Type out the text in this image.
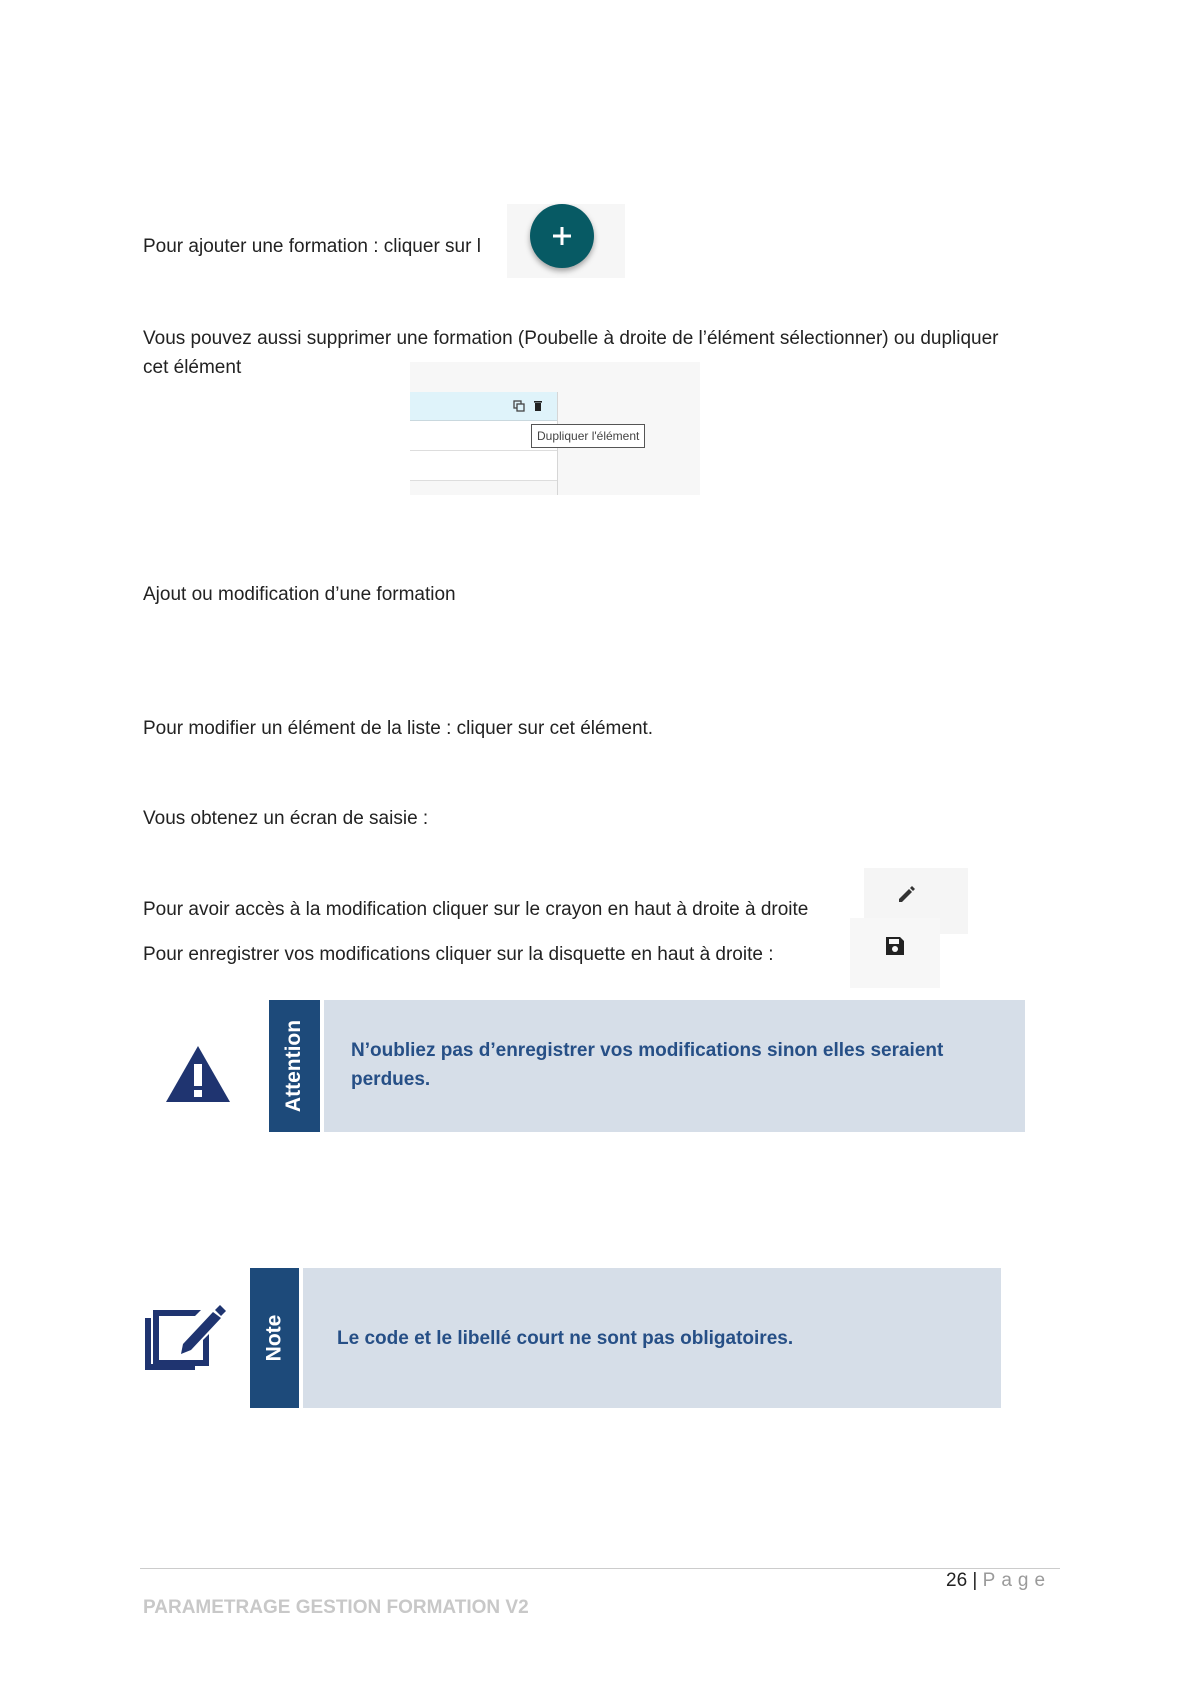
Pour ajouter une formation : cliquer sur l

Vous pouvez aussi supprimer une formation (Poubelle à droite de l’élément sélectionner) ou dupliquer cet élément

Dupliquer l'élément

Ajout ou modification d’une formation

Pour modifier un élément de la liste : cliquer sur cet élément.

Vous obtenez un écran de saisie :

Pour avoir accès à la modification cliquer sur le crayon en haut à droite à droite

Pour enregistrer vos modifications cliquer sur la disquette en haut à droite :

Attention N’oubliez pas d’enregistrer vos modifications sinon elles seraient perdues.
Note	Le code et le libellé court ne sont pas obligatoires.
26 | Page
PARAMETRAGE GESTION FORMATION V2
